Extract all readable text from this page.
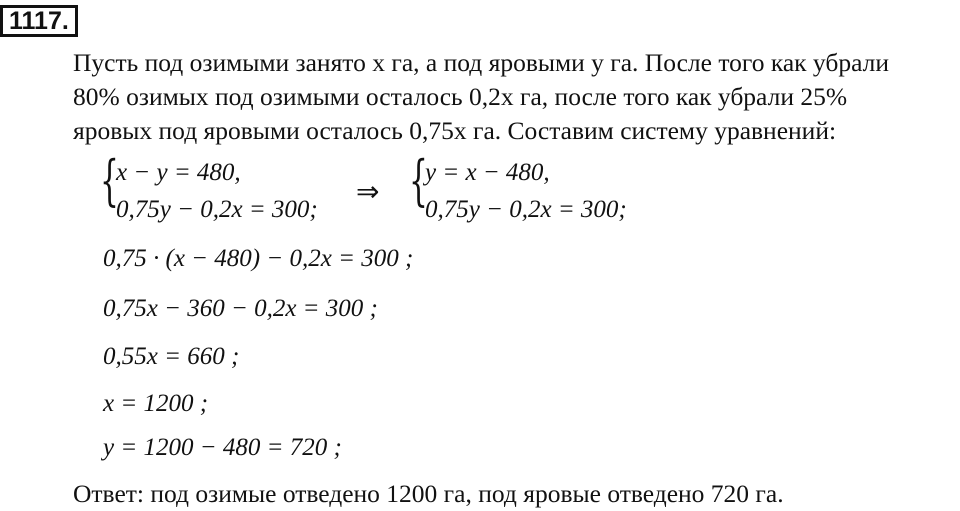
1117.
Пусть под озимыми занято x га, а под яровыми y га. После того как убрали
80% озимых под озимыми осталось 0,2x га, после того как убрали 25%
яровых под яровыми осталось 0,75x га. Составим систему уравнений:
{
x − y = 480,
0,75y − 0,2x = 300;
⇒ {
y = x − 480,
0,75y − 0,2x = 300;
0,75 · (x − 480) − 0,2x = 300 ;
0,75x − 360 − 0,2x = 300 ;
0,55x = 660 ;
x = 1200 ;
y = 1200 − 480 = 720 ;
Ответ: под озимые отведено 1200 га, под яровые отведено 720 га.
